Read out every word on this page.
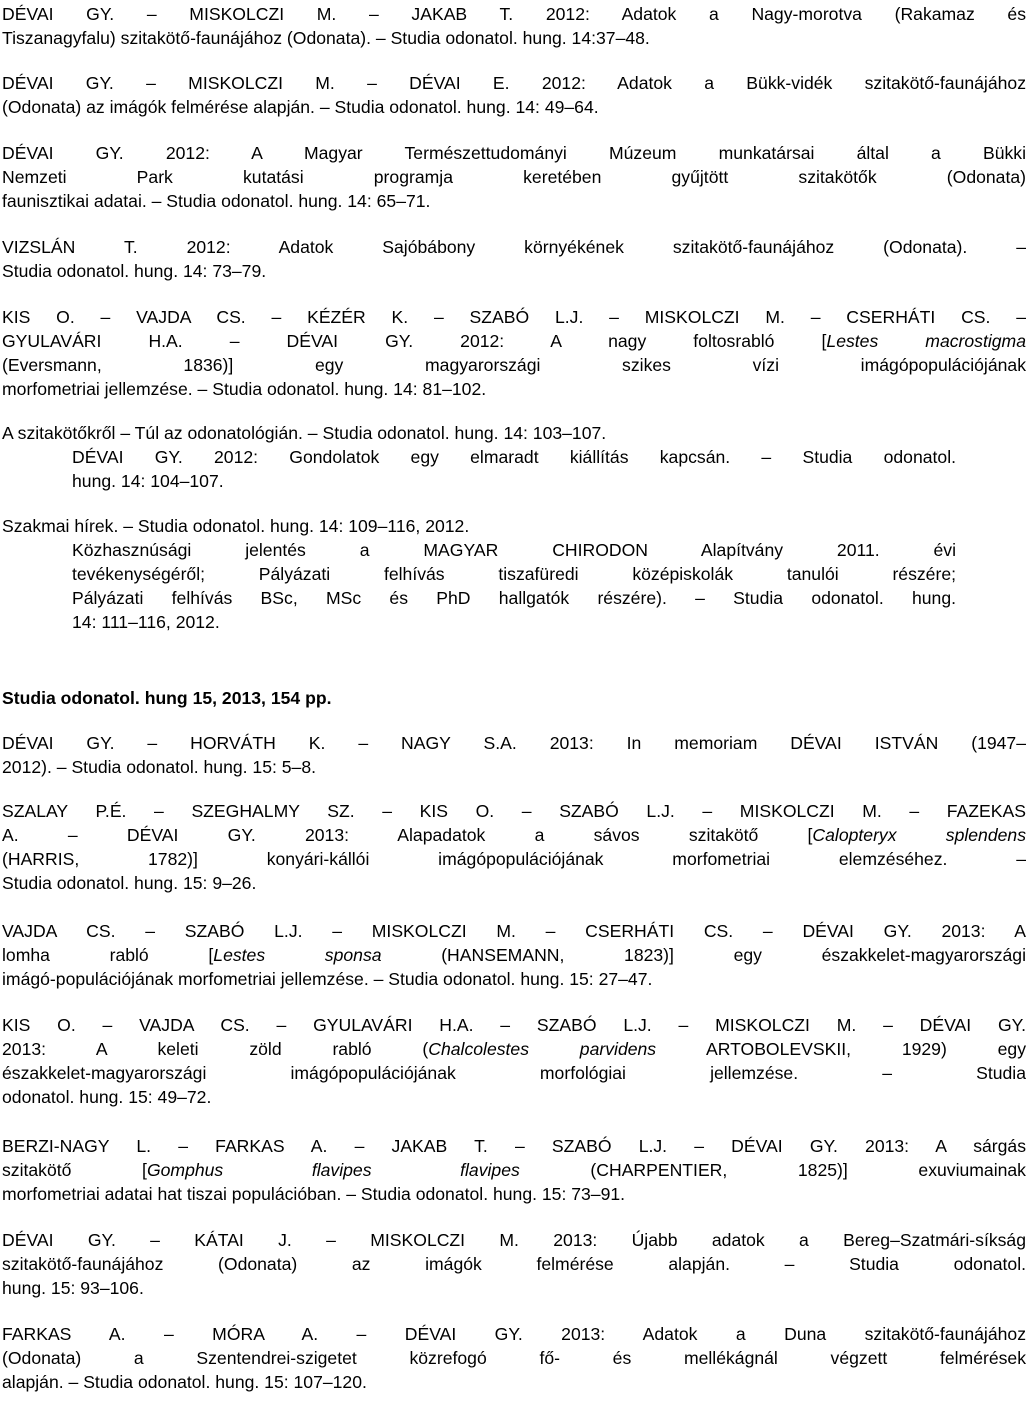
DÉVAI GY. – MISKOLCZI M. – JAKAB T. 2012: Adatok a Nagy-morotva (Rakamaz és
Tiszanagyfalu) szitakötő-faunájához (Odonata). – Studia odonatol. hung. 14:37–48.
DÉVAI GY. – MISKOLCZI M. – DÉVAI E. 2012: Adatok a Bükk-vidék szitakötő-faunájához
(Odonata) az imágók felmérése alapján. – Studia odonatol. hung. 14: 49–64.
DÉVAI GY. 2012: A Magyar Természettudományi Múzeum munkatársai által a Bükki
Nemzeti Park kutatási programja keretében gyűjtött szitakötők (Odonata)
faunisztikai adatai. – Studia odonatol. hung. 14: 65–71.
VIZSLÁN T. 2012: Adatok Sajóbábony környékének szitakötő-faunájához (Odonata). –
Studia odonatol. hung. 14: 73–79.
KIS O. – VAJDA CS. – KÉZÉR K. – SZABÓ L.J. – MISKOLCZI M. – CSERHÁTI CS. –
GYULAVÁRI H.A. – DÉVAI GY. 2012: A nagy foltosrabló [Lestes macrostigma
(Eversmann, 1836)] egy magyarországi szikes vízi imágópopulációjának
morfometriai jellemzése. – Studia odonatol. hung. 14: 81–102.
A szitakötőkről – Túl az odonatológián. – Studia odonatol. hung. 14: 103–107.
DÉVAI GY. 2012: Gondolatok egy elmaradt kiállítás kapcsán. – Studia odonatol.
hung. 14: 104–107.
Szakmai hírek. – Studia odonatol. hung. 14: 109–116, 2012.
Közhasznúsági jelentés a MAGYAR CHIRODON Alapítvány 2011. évi
tevékenységéről; Pályázati felhívás tiszafüredi középiskolák tanulói részére;
Pályázati felhívás BSc, MSc és PhD hallgatók részére). – Studia odonatol. hung.
14: 111–116, 2012.
Studia odonatol. hung 15, 2013, 154 pp.
DÉVAI GY. – HORVÁTH K. – NAGY S.A. 2013: In memoriam DÉVAI ISTVÁN (1947–
2012). – Studia odonatol. hung. 15: 5–8.
SZALAY P.É. – SZEGHALMY SZ. – KIS O. – SZABÓ L.J. – MISKOLCZI M. – FAZEKAS
A. – DÉVAI GY. 2013: Alapadatok a sávos szitakötő [Calopteryx splendens
(HARRIS, 1782)] konyári-kállói imágópopulációjának morfometriai elemzéséhez. –
Studia odonatol. hung. 15: 9–26.
VAJDA CS. – SZABÓ L.J. – MISKOLCZI M. – CSERHÁTI CS. – DÉVAI GY. 2013: A
lomha rabló [Lestes sponsa (HANSEMANN, 1823)] egy északkelet-magyarországi
imágó-populációjának morfometriai jellemzése. – Studia odonatol. hung. 15: 27–47.
KIS O. – VAJDA CS. – GYULAVÁRI H.A. – SZABÓ L.J. – MISKOLCZI M. – DÉVAI GY.
2013: A keleti zöld rabló (Chalcolestes parvidens ARTOBOLEVSKII, 1929) egy
északkelet-magyarországi imágópopulációjának morfológiai jellemzése. – Studia
odonatol. hung. 15: 49–72.
BERZI-NAGY L. – FARKAS A. – JAKAB T. – SZABÓ L.J. – DÉVAI GY. 2013: A sárgás
szitakötő [Gomphus flavipes flavipes (CHARPENTIER, 1825)] exuviumainak
morfometriai adatai hat tiszai populációban. – Studia odonatol. hung. 15: 73–91.
DÉVAI GY. – KÁTAI J. – MISKOLCZI M. 2013: Újabb adatok a Bereg–Szatmári-síkság
szitakötő-faunájához (Odonata) az imágók felmérése alapján. – Studia odonatol.
hung. 15: 93–106.
FARKAS A. – MÓRA A. – DÉVAI GY. 2013: Adatok a Duna szitakötő-faunájához
(Odonata) a Szentendrei-szigetet közrefogó fő- és mellékágnál végzett felmérések
alapján. – Studia odonatol. hung. 15: 107–120.
